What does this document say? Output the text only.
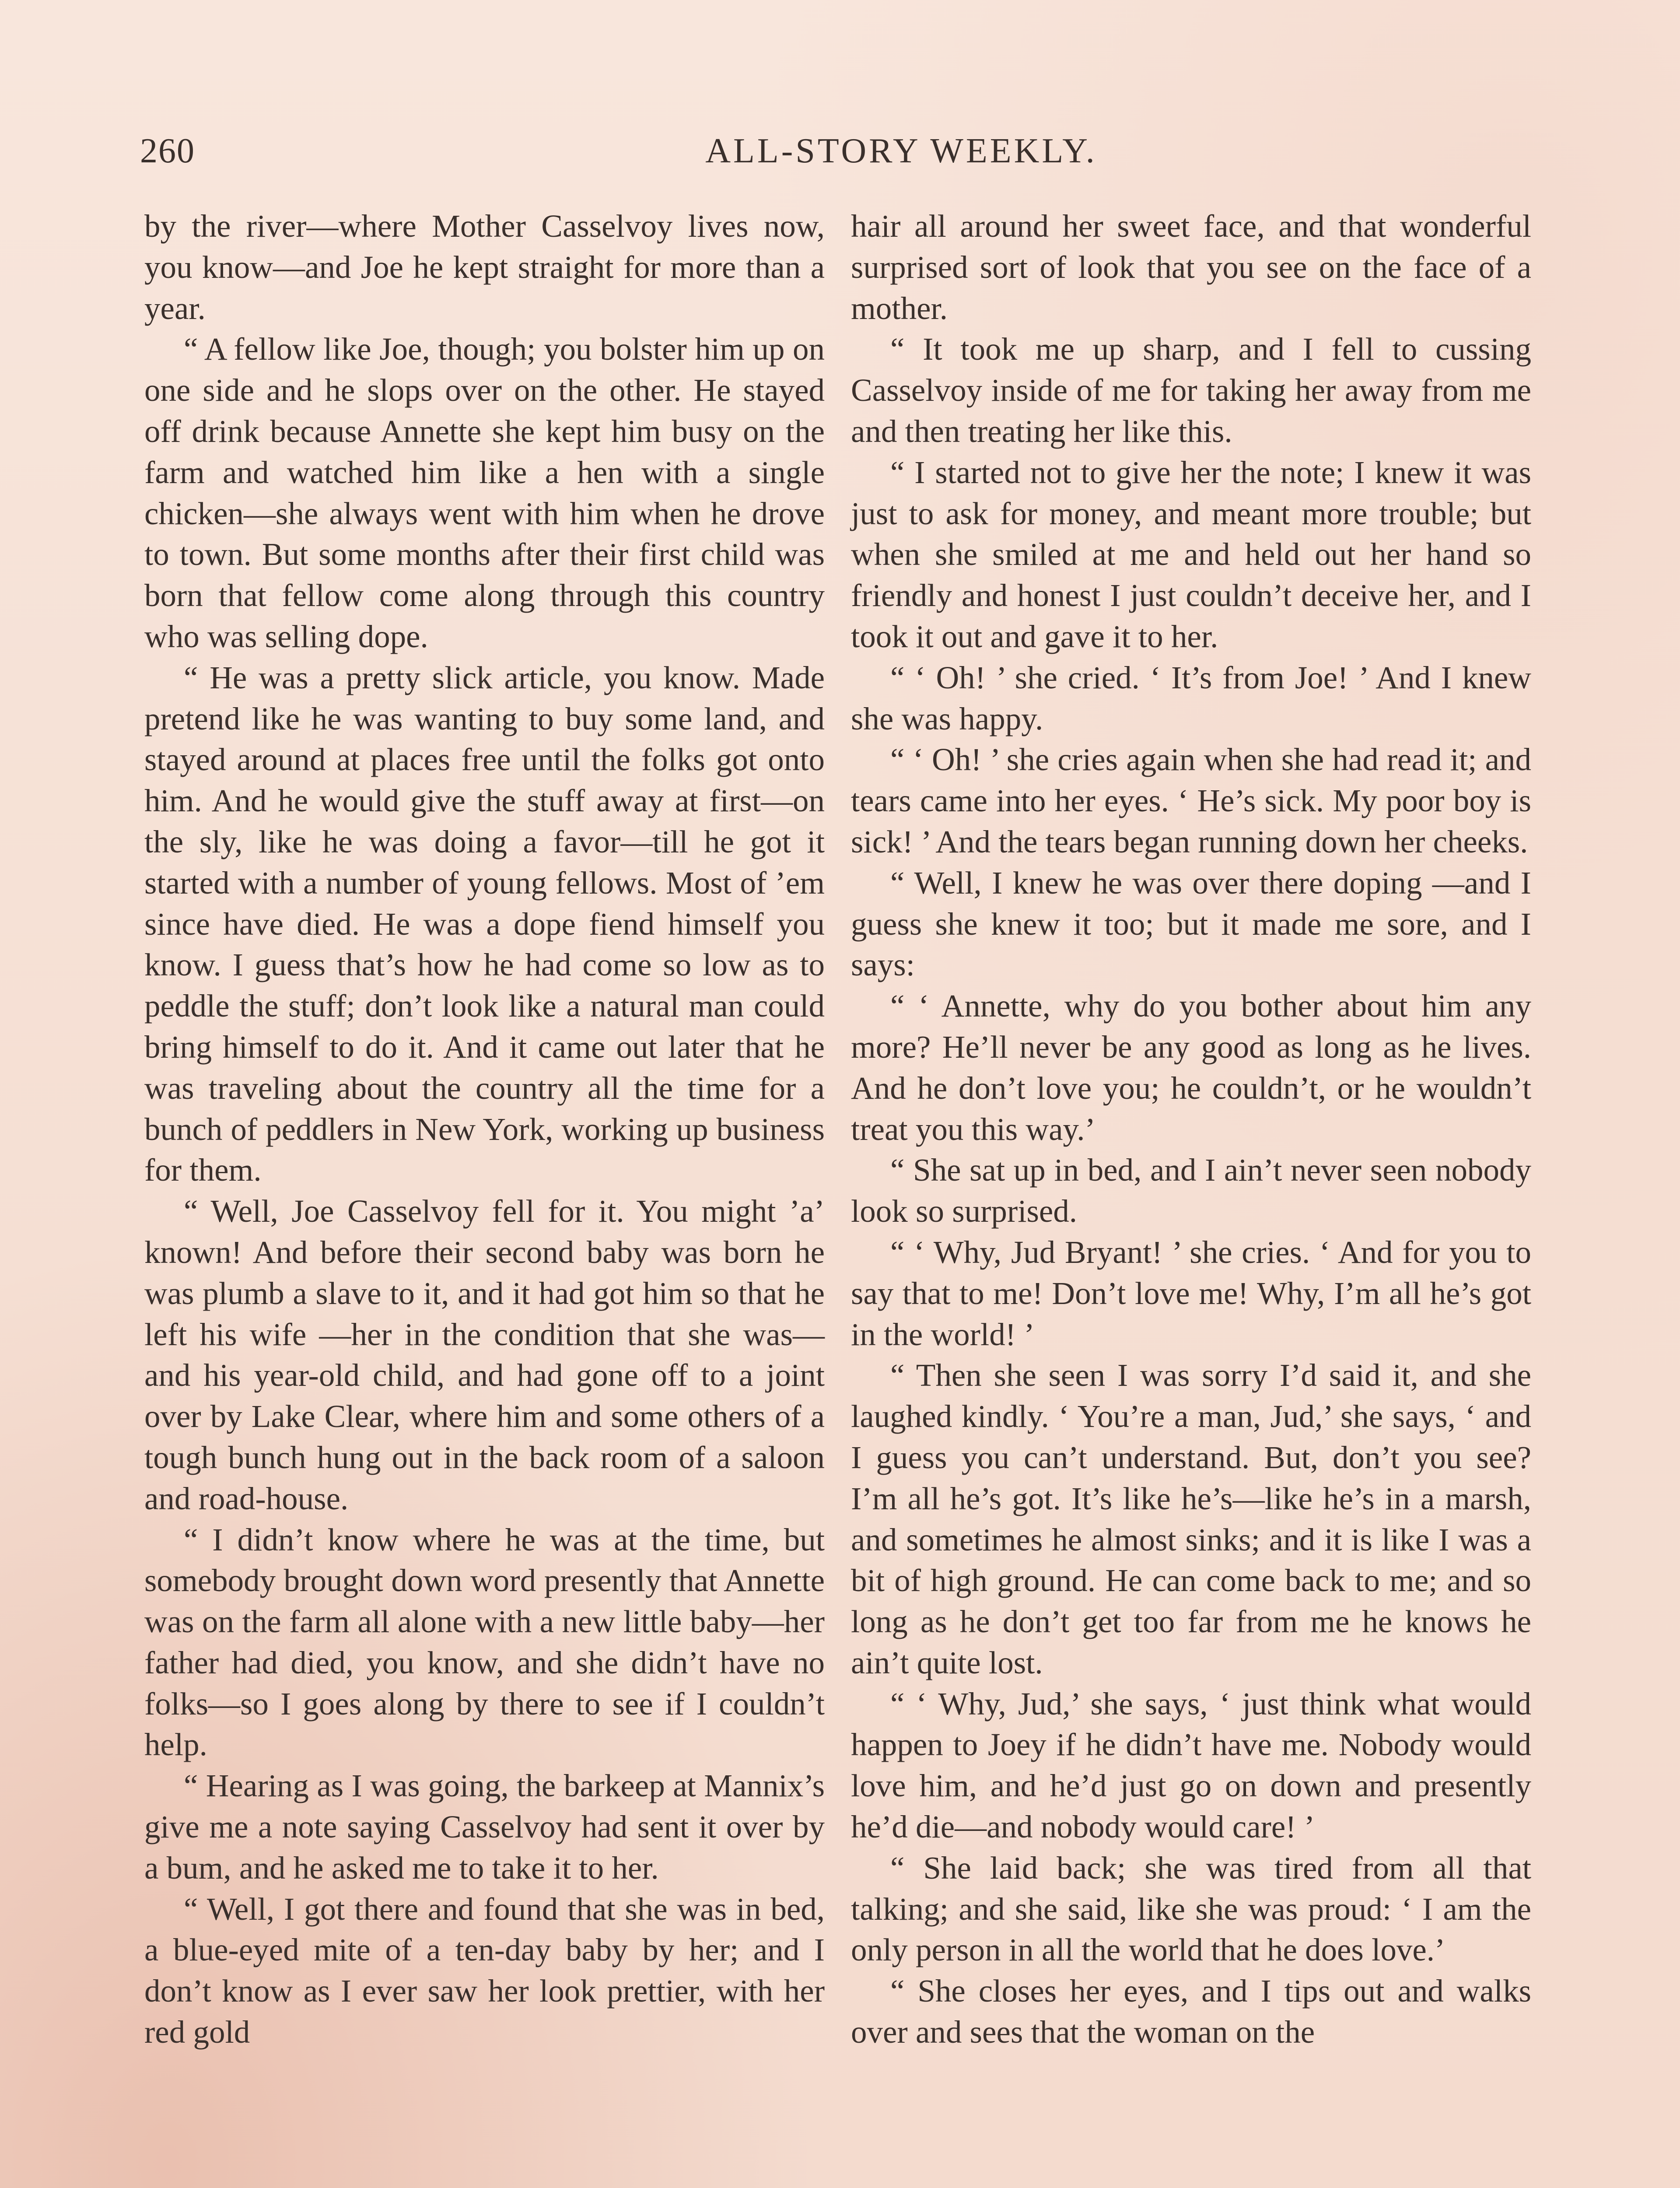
260	ALL-STORY WEEKLY.

by the river—where Mother Casselvoy lives now, you know—and Joe he kept straight for more than a year.

“ A fellow like Joe, though; you bolster him up on one side and he slops over on the other. He stayed off drink because Annette she kept him busy on the farm and watched him like a hen with a single chicken—she always went with him when he drove to town. But some months after their first child was born that fellow come along through this country who was selling dope.

“ He was a pretty slick article, you know. Made pretend like he was wanting to buy some land, and stayed around at places free until the folks got onto him. And he would give the stuff away at first—on the sly, like he was doing a favor—till he got it started with a number of young fellows. Most of ’em since have died. He was a dope fiend himself you know. I guess that’s how he had come so low as to peddle the stuff; don’t look like a natural man could bring himself to do it. And it came out later that he was traveling about the country all the time for a bunch of peddlers in New York, working up business for them.

“ Well, Joe Casselvoy fell for it. You might ’a’ known! And before their second baby was born he was plumb a slave to it, and it had got him so that he left his wife —her in the condition that she was—and his year-old child, and had gone off to a joint over by Lake Clear, where him and some others of a tough bunch hung out in the back room of a saloon and road-house.

“ I didn’t know where he was at the time, but somebody brought down word presently that Annette was on the farm all alone with a new little baby—her father had died, you know, and she didn’t have no folks—so I goes along by there to see if I couldn’t help.

“ Hearing as I was going, the barkeep at Mannix’s give me a note saying Casselvoy had sent it over by a bum, and he asked me to take it to her.

“ Well, I got there and found that she was in bed, a blue-eyed mite of a ten-day baby by her; and I don’t know as I ever saw her look prettier, with her red gold

hair all around her sweet face, and that wonderful surprised sort of look that you see on the face of a mother.

“ It took me up sharp, and I fell to cussing Casselvoy inside of me for taking her away from me and then treating her like this.

“ I started not to give her the note; I knew it was just to ask for money, and meant more trouble; but when she smiled at me and held out her hand so friendly and honest I just couldn’t deceive her, and I took it out and gave it to her.

“ ‘ Oh! ’ she cried. ‘ It’s from Joe! ’ And I knew she was happy.

“ ‘ Oh! ’ she cries again when she had read it; and tears came into her eyes. ‘ He’s sick. My poor boy is sick! ’ And the tears began running down her cheeks.

“ Well, I knew he was over there doping —and I guess she knew it too; but it made me sore, and I says:

“ ‘ Annette, why do you bother about him any more? He’ll never be any good as long as he lives. And he don’t love you; he couldn’t, or he wouldn’t treat you this way.’

“ She sat up in bed, and I ain’t never seen nobody look so surprised.

“ ‘ Why, Jud Bryant! ’ she cries. ‘ And for you to say that to me! Don’t love me! Why, I’m all he’s got in the world! ’

“ Then she seen I was sorry I’d said it, and she laughed kindly. ‘ You’re a man, Jud,’ she says, ‘ and I guess you can’t understand. But, don’t you see? I’m all he’s got. It’s like he’s—like he’s in a marsh, and sometimes he almost sinks; and it is like I was a bit of high ground. He can come back to me; and so long as he don’t get too far from me he knows he ain’t quite lost.

“ ‘ Why, Jud,’ she says, ‘ just think what would happen to Joey if he didn’t have me. Nobody would love him, and he’d just go on down and presently he’d die—and nobody would care! ’

“ She laid back; she was tired from all that talking; and she said, like she was proud: ‘ I am the only person in all the world that he does love.’

“ She closes her eyes, and I tips out and walks over and sees that the woman on the
